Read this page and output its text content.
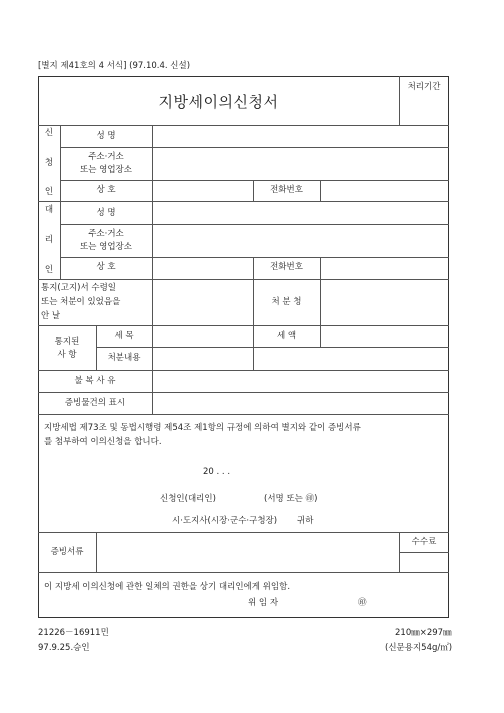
[별지 제41호의 4 서식] (97.10.4. 신설)
지방세이의신청서
처리기간
신
청
인
성 명
주소·거소
또는 영업장소
상 호	전화번호
대
리
인
성 명
주소·거소
또는 영업장소
상 호	전화번호
통지(고지)서 수령일
또는 처분이 있었음을
안 날
처 분 청
통지된
사 항
세 목	세 액
처분내용
불 복 사 유
증빙물건의 표시
지방세법 제73조 및 동법시행령 제54조 제1항의 규정에 의하여 별지와 같이 증빙서류
를 첨부하여 이의신청을 합니다.
20 . . .
신청인(대리인)	(서명 또는 ㊞)
시·도지사(시장·군수·구청장) 귀하
증빙서류
수수료
이 지방세 이의신청에 관한 일체의 권한을 상기 대리인에게 위임함.
위 임 자	㊞
21226－16911민
97.9.25.승인
210㎜×297㎜
(신문용지54g/㎡)
